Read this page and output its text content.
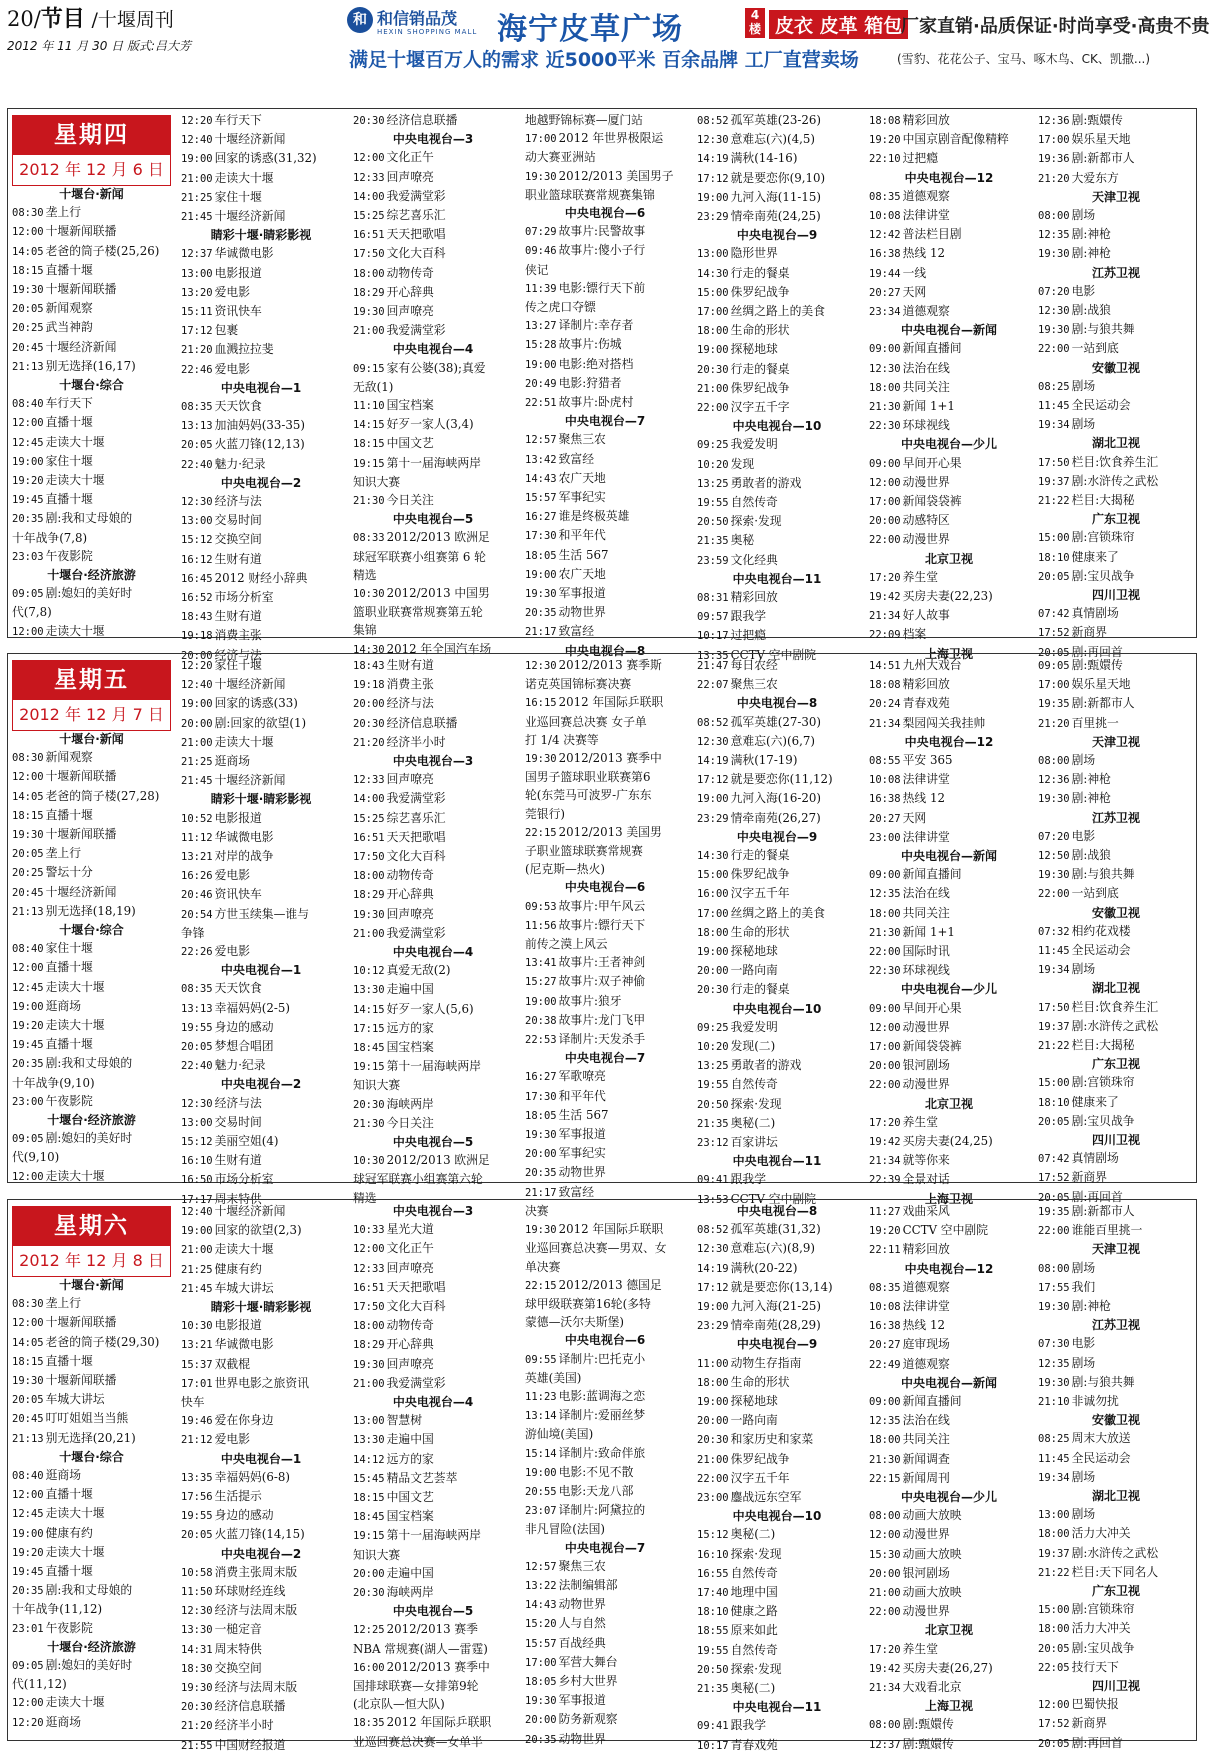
20/节目 /十堰周刊
2012 年 11 月 30 日 版式:吕大芳
和 和信销品茂
HEXIN SHOPPING MALL 海宁皮草广场	4楼 皮衣 皮革 箱包
厂家直销·品质保证·时尚享受·高贵不贵
满足十堰百万人的需求 近5000平米 百余品牌 工厂直营卖场	(雪豹、花花公子、宝马、啄木鸟、CK、凯撒...)
星期四
2012 年 12 月 6 日
十堰台·新闻
08:30 垄上行
12:00 十堰新闻联播
14:05 老爸的筒子楼(25,26)
18:15 直播十堰
19:30 十堰新闻联播
20:05 新闻观察
20:25 武当神韵
20:45 十堰经济新闻
21:13 别无选择(16,17)
十堰台·综合
08:40 车行天下
12:00 直播十堰
12:45 走读大十堰
19:00 家住十堰
19:20 走读大十堰
19:45 直播十堰
20:35 剧:我和丈母娘的
十年战争(7,8)
23:03 午夜影院
十堰台·经济旅游
09:05 剧:媳妇的美好时
代(7,8)
12:00 走读大十堰
12:20 车行天下
12:40 十堰经济新闻
19:00 回家的诱惑(31,32)
21:00 走读大十堰
21:25 家住十堰
21:45 十堰经济新闻
睛彩十堰·睛彩影视
12:37 华诚微电影
13:00 电影报道
13:20 爱电影
15:11 资讯快车
17:12 包裹
21:20 血溅拉拉斐
22:46 爱电影
中央电视台—1
08:35 天天饮食
13:13 加油妈妈(33-35)
20:05 火蓝刀锋(12,13)
22:40 魅力·纪录
中央电视台—2
12:30 经济与法
13:00 交易时间
15:12 交换空间
16:12 生财有道
16:45 2012 财经小辞典
16:52 市场分析室
18:43 生财有道
19:18 消费主张
20:00 经济与法
20:30 经济信息联播
中央电视台—3
12:00 文化正午
12:33 回声嘹亮
14:00 我爱满堂彩
15:25 综艺喜乐汇
16:51 天天把歌唱
17:50 文化大百科
18:00 动物传奇
18:29 开心辞典
19:30 回声嘹亮
21:00 我爱满堂彩
中央电视台—4
09:15 家有公婆(38);真爱
无敌(1)
11:10 国宝档案
14:15 好歹一家人(3,4)
18:15 中国文艺
19:15 第十一届海峡两岸
知识大赛
21:30 今日关注
中央电视台—5
08:33 2012/2013 欧洲足
球冠军联赛小组赛第 6 轮
精选
10:30 2012/2013 中国男
篮职业联赛常规赛第五轮
集锦
14:30 2012 年全国汽车场
地越野锦标赛—厦门站
17:00 2012 年世界极限运
动大赛亚洲站
19:30 2012/2013 美国男子
职业篮球联赛常规赛集锦
中央电视台—6
07:29 故事片:民警故事
09:46 故事片:傻小子行
侠记
11:39 电影:镖行天下前
传之虎口夺镖
13:27 译制片:幸存者
15:28 故事片:伤城
19:00 电影:绝对搭档
20:49 电影:狩猎者
22:51 故事片:卧虎村
中央电视台—7
12:57 聚焦三农
13:42 致富经
14:43 农广天地
15:57 军事纪实
16:27 谁是终极英雄
17:30 和平年代
18:05 生活 567
19:00 农广天地
19:30 军事报道
20:35 动物世界
21:17 致富经
中央电视台—8
08:52 孤军英雄(23-26)
12:30 意难忘(六)(4,5)
14:19 满秋(14-16)
17:12 就是要恋你(9,10)
19:00 九河入海(11-15)
23:29 情牵南苑(24,25)
中央电视台—9
13:00 隐形世界
14:30 行走的餐桌
15:00 侏罗纪战争
17:00 丝绸之路上的美食
18:00 生命的形状
19:00 探秘地球
20:30 行走的餐桌
21:00 侏罗纪战争
22:00 汉字五千字
中央电视台—10
09:25 我爱发明
10:20 发现
13:25 勇敢者的游戏
19:55 自然传奇
20:50 探索·发现
21:35 奥秘
23:59 文化经典
中央电视台—11
08:31 精彩回放
09:57 跟我学
10:17 过把瘾
13:35 CCTV 空中剧院
18:08 精彩回放
19:20 中国京剧音配像精粹
22:10 过把瘾
中央电视台—12
08:35 道德观察
10:08 法律讲堂
12:42 普法栏目剧
16:38 热线 12
19:44 一线
20:27 天网
23:34 道德观察
中央电视台—新闻
09:00 新闻直播间
12:30 法治在线
18:00 共同关注
21:30 新闻 1+1
22:30 环球视线
中央电视台—少儿
09:00 早间开心果
12:00 动漫世界
17:00 新闻袋袋裤
20:00 动感特区
22:00 动漫世界
北京卫视
17:20 养生堂
19:42 买房夫妻(22,23)
21:34 好人故事
22:09 档案
上海卫视
12:36 剧:甄嬛传
17:00 娱乐星天地
19:36 剧:新都市人
21:20 大爱东方
天津卫视
08:00 剧场
12:35 剧:神枪
19:30 剧:神枪
江苏卫视
07:20 电影
12:30 剧:战狼
19:30 剧:与狼共舞
22:00 一站到底
安徽卫视
08:25 剧场
11:45 全民运动会
19:34 剧场
湖北卫视
17:50 栏目:饮食养生汇
19:37 剧:水浒传之武松
21:22 栏目:大揭秘
广东卫视
15:00 剧:宫锁珠帘
18:10 健康来了
20:05 剧:宝贝战争
四川卫视
07:42 真情剧场
17:52 新商界
20:05 剧:再回首
星期五
2012 年 12 月 7 日
十堰台·新闻
08:30 新闻观察
12:00 十堰新闻联播
14:05 老爸的筒子楼(27,28)
18:15 直播十堰
19:30 十堰新闻联播
20:05 垄上行
20:25 警坛十分
20:45 十堰经济新闻
21:13 别无选择(18,19)
十堰台·综合
08:40 家住十堰
12:00 直播十堰
12:45 走读大十堰
19:00 逛商场
19:20 走读大十堰
19:45 直播十堰
20:35 剧:我和丈母娘的
十年战争(9,10)
23:00 午夜影院
十堰台·经济旅游
09:05 剧:媳妇的美好时
代(9,10)
12:00 走读大十堰
12:20 家住十堰
12:40 十堰经济新闻
19:00 回家的诱惑(33)
20:00 剧:回家的欲望(1)
21:00 走读大十堰
21:25 逛商场
21:45 十堰经济新闻
睛彩十堰·睛彩影视
10:52 电影报道
11:12 华诚微电影
13:21 对岸的战争
16:26 爱电影
20:46 资讯快车
20:54 方世玉续集—谁与
争锋
22:26 爱电影
中央电视台—1
08:35 天天饮食
13:13 幸福妈妈(2-5)
19:55 身边的感动
20:05 梦想合唱团
22:40 魅力·纪录
中央电视台—2
12:30 经济与法
13:00 交易时间
15:12 美丽空姐(4)
16:10 生财有道
16:50 市场分析室
17:17 周末特供
18:43 生财有道
19:18 消费主张
20:00 经济与法
20:30 经济信息联播
21:20 经济半小时
中央电视台—3
12:33 回声嘹亮
14:00 我爱满堂彩
15:25 综艺喜乐汇
16:51 天天把歌唱
17:50 文化大百科
18:00 动物传奇
18:29 开心辞典
19:30 回声嘹亮
21:00 我爱满堂彩
中央电视台—4
10:12 真爱无敌(2)
13:30 走遍中国
14:15 好歹一家人(5,6)
17:15 远方的家
18:45 国宝档案
19:15 第十一届海峡两岸
知识大赛
20:30 海峡两岸
21:30 今日关注
中央电视台—5
10:30 2012/2013 欧洲足
球冠军联赛小组赛第六轮
精选
12:30 2012/2013 赛季斯
诺克英国锦标赛决赛
16:15 2012 年国际乒联职
业巡回赛总决赛 女子单
打 1/4 决赛等
19:30 2012/2013 赛季中
国男子篮球职业联赛第6
轮(东莞马可波罗-广东东
莞银行)
22:15 2012/2013 美国男
子职业篮球联赛常规赛
(尼克斯—热火)
中央电视台—6
09:53 故事片:甲午风云
11:56 故事片:镖行天下
前传之漠上风云
13:41 故事片:王者神剑
15:27 故事片:双子神偷
19:00 故事片:狼牙
20:38 故事片:龙门飞甲
22:53 译制片:天发杀手
中央电视台—7
16:27 军歌嘹亮
17:30 和平年代
18:05 生活 567
19:30 军事报道
20:00 军事纪实
20:35 动物世界
21:17 致富经
21:47 每日农经
22:07 聚焦三农
中央电视台—8
08:52 孤军英雄(27-30)
12:30 意难忘(六)(6,7)
14:19 满秋(17-19)
17:12 就是要恋你(11,12)
19:00 九河入海(16-20)
23:29 情牵南苑(26,27)
中央电视台—9
14:30 行走的餐桌
15:00 侏罗纪战争
16:00 汉字五千年
17:00 丝绸之路上的美食
18:00 生命的形状
19:00 探秘地球
20:00 一路向南
20:30 行走的餐桌
中央电视台—10
09:25 我爱发明
10:20 发现(二)
13:25 勇敢者的游戏
19:55 自然传奇
20:50 探索·发现
21:35 奥秘(二)
23:12 百家讲坛
中央电视台—11
09:41 跟我学
13:53 CCTV 空中剧院
14:51 九州大戏台
18:08 精彩回放
20:24 青春戏苑
21:34 梨园闯关我挂帅
中央电视台—12
08:55 平安 365
10:08 法律讲堂
16:38 热线 12
20:27 天网
23:00 法律讲堂
中央电视台—新闻
09:00 新闻直播间
12:35 法治在线
18:00 共同关注
21:30 新闻 1+1
22:00 国际时讯
22:30 环球视线
中央电视台—少儿
09:00 早间开心果
12:00 动漫世界
17:00 新闻袋袋裤
20:00 银河剧场
22:00 动漫世界
北京卫视
17:20 养生堂
19:42 买房夫妻(24,25)
21:34 就等你来
22:39 全景对话
上海卫视
09:05 剧:甄嬛传
17:00 娱乐星天地
19:35 剧:新都市人
21:20 百里挑一
天津卫视
08:00 剧场
12:36 剧:神枪
19:30 剧:神枪
江苏卫视
07:20 电影
12:50 剧:战狼
19:30 剧:与狼共舞
22:00 一站到底
安徽卫视
07:32 相约花戏楼
11:45 全民运动会
19:34 剧场
湖北卫视
17:50 栏目:饮食养生汇
19:37 剧:水浒传之武松
21:22 栏目:大揭秘
广东卫视
15:00 剧:宫锁珠帘
18:10 健康来了
20:05 剧:宝贝战争
四川卫视
07:42 真情剧场
17:52 新商界
20:05 剧:再回首
星期六
2012 年 12 月 8 日
十堰台·新闻
08:30 垄上行
12:00 十堰新闻联播
14:05 老爸的筒子楼(29,30)
18:15 直播十堰
19:30 十堰新闻联播
20:05 车城大讲坛
20:45 叮叮姐姐当当熊
21:13 别无选择(20,21)
十堰台·综合
08:40 逛商场
12:00 直播十堰
12:45 走读大十堰
19:00 健康有约
19:20 走读大十堰
19:45 直播十堰
20:35 剧:我和丈母娘的
十年战争(11,12)
23:01 午夜影院
十堰台·经济旅游
09:05 剧:媳妇的美好时
代(11,12)
12:00 走读大十堰
12:20 逛商场
12:40 十堰经济新闻
19:00 回家的欲望(2,3)
21:00 走读大十堰
21:25 健康有约
21:45 车城大讲坛
睛彩十堰·睛彩影视
10:30 电影报道
13:21 华诚微电影
15:37 双截棍
17:01 世界电影之旅资讯
快车
19:46 爱在你身边
21:12 爱电影
中央电视台—1
13:35 幸福妈妈(6-8)
17:56 生活提示
19:55 身边的感动
20:05 火蓝刀锋(14,15)
中央电视台—2
10:58 消费主张周末版
11:50 环球财经连线
12:30 经济与法周末版
13:30 一槌定音
14:31 周末特供
18:30 交换空间
19:30 经济与法周末版
20:30 经济信息联播
21:20 经济半小时
21:55 中国财经报道
中央电视台—3
10:33 星光大道
12:00 文化正午
12:33 回声嘹亮
16:51 天天把歌唱
17:50 文化大百科
18:00 动物传奇
18:29 开心辞典
19:30 回声嘹亮
21:00 我爱满堂彩
中央电视台—4
13:00 智慧树
13:30 走遍中国
14:12 远方的家
15:45 精品文艺荟萃
18:15 中国文艺
18:45 国宝档案
19:15 第十一届海峡两岸
知识大赛
20:00 走遍中国
20:30 海峡两岸
中央电视台—5
12:25 2012/2013 赛季
NBA 常规赛(湖人—雷霆)
16:00 2012/2013 赛季中
国排球联赛—女排第9轮
(北京队—恒大队)
18:35 2012 年国际乒联职
业巡回赛总决赛—女单半
决赛
19:30 2012 年国际乒联职
业巡回赛总决赛—男双、女
单决赛
22:15 2012/2013 德国足
球甲级联赛第16轮(多特
蒙德—沃尔夫斯堡)
中央电视台—6
09:55 译制片:巴托克小
英雄(美国)
11:23 电影:蓝调海之恋
13:14 译制片:爱丽丝梦
游仙境(美国)
15:14 译制片:致命伴旅
19:00 电影:不见不散
20:55 电影:天龙八部
23:07 译制片:阿黛拉的
非凡冒险(法国)
中央电视台—7
12:57 聚焦三农
13:22 法制编辑部
14:43 动物世界
15:20 人与自然
15:57 百战经典
17:00 军营大舞台
18:05 乡村大世界
19:30 军事报道
20:00 防务新观察
20:35 动物世界
中央电视台—8
08:52 孤军英雄(31,32)
12:30 意难忘(六)(8,9)
14:19 满秋(20-22)
17:12 就是要恋你(13,14)
19:00 九河入海(21-25)
23:29 情牵南苑(28,29)
中央电视台—9
11:00 动物生存指南
18:00 生命的形状
19:00 探秘地球
20:00 一路向南
20:30 和家历史和家菜
21:00 侏罗纪战争
22:00 汉字五千年
23:00 鏖战远东空军
中央电视台—10
15:12 奥秘(二)
16:10 探索·发现
16:55 自然传奇
17:40 地理中国
18:10 健康之路
18:55 原来如此
19:55 自然传奇
20:50 探索·发现
21:35 奥秘(二)
中央电视台—11
09:41 跟我学
10:17 青春戏苑
11:27 戏曲采风
19:20 CCTV 空中剧院
22:11 精彩回放
中央电视台—12
08:35 道德观察
10:08 法律讲堂
16:38 热线 12
20:27 庭审现场
22:49 道德观察
中央电视台—新闻
09:00 新闻直播间
12:35 法治在线
18:00 共同关注
21:30 新闻调查
22:15 新闻周刊
中央电视台—少儿
08:00 动画大放映
12:00 动漫世界
15:30 动画大放映
20:00 银河剧场
21:00 动画大放映
22:00 动漫世界
北京卫视
17:20 养生堂
19:42 买房夫妻(26,27)
21:34 大戏看北京
上海卫视
08:00 剧:甄嬛传
12:37 剧:甄嬛传
19:35 剧:新都市人
22:00 谁能百里挑一
天津卫视
08:00 剧场
17:55 我们
19:30 剧:神枪
江苏卫视
07:30 电影
12:35 剧场
19:30 剧:与狼共舞
21:10 非诚勿扰
安徽卫视
08:25 周末大放送
11:45 全民运动会
19:34 剧场
湖北卫视
13:00 剧场
18:00 活力大冲关
19:37 剧:水浒传之武松
21:22 栏目:天下同名人
广东卫视
15:00 剧:宫锁珠帘
18:00 活力大冲关
20:05 剧:宝贝战争
22:05 技行天下
四川卫视
12:00 巴蜀快报
17:52 新商界
20:05 剧:再回首
